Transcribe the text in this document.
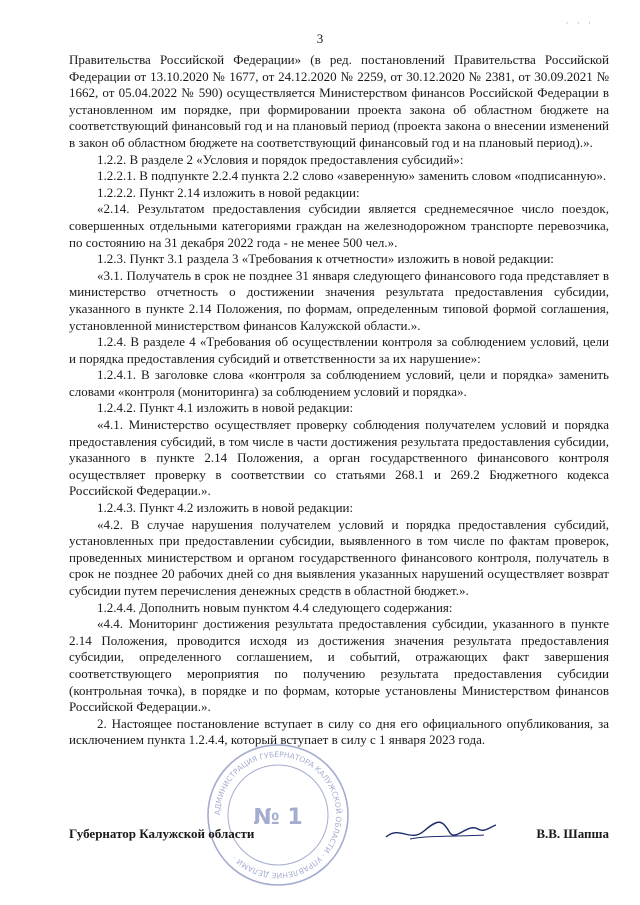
3
· · ·

Правительства Российской Федерации» (в ред. постановлений Правительства Российской Федерации от 13.10.2020 № 1677, от 24.12.2020 № 2259, от 30.12.2020 № 2381, от 30.09.2021 № 1662, от 05.04.2022 № 590) осуществляется Министерством финансов Российской Федерации в установленном им порядке, при формировании проекта закона об областном бюджете на соответствующий финансовый год и на плановый период (проекта закона о внесении изменений в закон об областном бюджете на соответствующий финансовый год и на плановый период).».

1.2.2. В разделе 2 «Условия и порядок предоставления субсидий»:

1.2.2.1. В подпункте 2.2.4 пункта 2.2 слово «заверенную» заменить словом «подписанную».

1.2.2.2. Пункт 2.14 изложить в новой редакции:

«2.14. Результатом предоставления субсидии является среднемесячное число поездок, совершенных отдельными категориями граждан на железнодорожном транспорте перевозчика, по состоянию на 31 декабря 2022 года - не менее 500 чел.».

1.2.3. Пункт 3.1 раздела 3 «Требования к отчетности» изложить в новой редакции:

«3.1. Получатель в срок не позднее 31 января следующего финансового года представляет в министерство отчетность о достижении значения результата предоставления субсидии, указанного в пункте 2.14 Положения, по формам, определенным типовой формой соглашения, установленной министерством финансов Калужской области.».

1.2.4. В разделе 4 «Требования об осуществлении контроля за соблюдением условий, цели и порядка предоставления субсидий и ответственности за их нарушение»:

1.2.4.1. В заголовке слова «контроля за соблюдением условий, цели и порядка» заменить словами «контроля (мониторинга) за соблюдением условий и порядка».

1.2.4.2. Пункт 4.1 изложить в новой редакции:

«4.1. Министерство осуществляет проверку соблюдения получателем условий и порядка предоставления субсидий, в том числе в части достижения результата предоставления субсидии, указанного в пункте 2.14 Положения, а орган государственного финансового контроля осуществляет проверку в соответствии со статьями 268.1 и 269.2 Бюджетного кодекса Российской Федерации.».

1.2.4.3. Пункт 4.2 изложить в новой редакции:

«4.2. В случае нарушения получателем условий и порядка предоставления субсидий, установленных при предоставлении субсидии, выявленного в том числе по фактам проверок, проведенных министерством и органом государственного финансового контроля, получатель в срок не позднее 20 рабочих дней со дня выявления указанных нарушений осуществляет возврат субсидии путем перечисления денежных средств в областной бюджет.».

1.2.4.4. Дополнить новым пунктом 4.4 следующего содержания:

«4.4. Мониторинг достижения результата предоставления субсидии, указанного в пункте 2.14 Положения, проводится исходя из достижения значения результата предоставления субсидии, определенного соглашением, и событий, отражающих факт завершения соответствующего мероприятия по получению результата предоставления субсидии (контрольная точка), в порядке и по формам, которые установлены Министерством финансов Российской Федерации.».

2. Настоящее постановление вступает в силу со дня его официального опубликования, за исключением пункта 1.2.4.4, который вступает в силу с 1 января 2023 года.

АДМИНИСТРАЦИЯ ГУБЕРНАТОРА КАЛУЖСКОЙ ОБЛАСТИ · УПРАВЛЕНИЕ ДЕЛАМИ ·
№ 1
Губернатор Калужской области	В.В. Шапша
